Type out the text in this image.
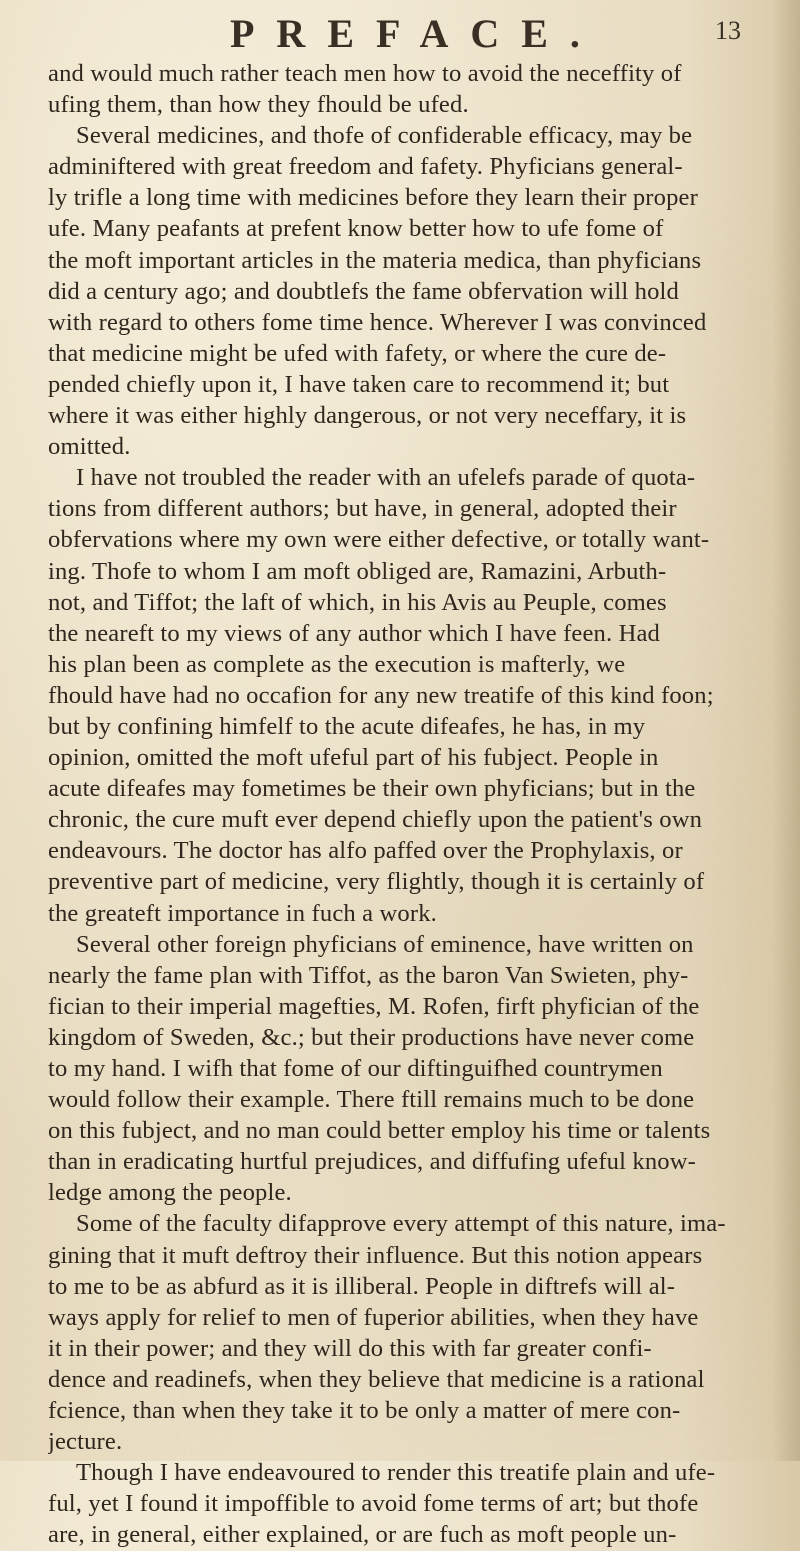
PREFACE.	13
and would much rather teach men how to avoid the neceffity of
ufing them, than how they fhould be ufed.
Several medicines, and thofe of confiderable efficacy, may be
adminiftered with great freedom and fafety. Phyficians general-
ly trifle a long time with medicines before they learn their proper
ufe. Many peafants at prefent know better how to ufe fome of
the moft important articles in the materia medica, than phyficians
did a century ago; and doubtlefs the fame obfervation will hold
with regard to others fome time hence. Wherever I was convinced
that medicine might be ufed with fafety, or where the cure de-
pended chiefly upon it, I have taken care to recommend it; but
where it was either highly dangerous, or not very neceffary, it is
omitted.
I have not troubled the reader with an ufelefs parade of quota-
tions from different authors; but have, in general, adopted their
obfervations where my own were either defective, or totally want-
ing. Thofe to whom I am moft obliged are, Ramazini, Arbuth-
not, and Tiffot; the laft of which, in his Avis au Peuple, comes
the neareft to my views of any author which I have feen. Had
his plan been as complete as the execution is mafterly, we
fhould have had no occafion for any new treatife of this kind foon;
but by confining himfelf to the acute difeafes, he has, in my
opinion, omitted the moft ufeful part of his fubject. People in
acute difeafes may fometimes be their own phyficians; but in the
chronic, the cure muft ever depend chiefly upon the patient's own
endeavours. The doctor has alfo paffed over the Prophylaxis, or
preventive part of medicine, very flightly, though it is certainly of
the greateft importance in fuch a work.
Several other foreign phyficians of eminence, have written on
nearly the fame plan with Tiffot, as the baron Van Swieten, phy-
fician to their imperial magefties, M. Rofen, firft phyfician of the
kingdom of Sweden, &c.; but their productions have never come
to my hand. I wifh that fome of our diftinguifhed countrymen
would follow their example. There ftill remains much to be done
on this fubject, and no man could better employ his time or talents
than in eradicating hurtful prejudices, and diffufing ufeful know-
ledge among the people.
Some of the faculty difapprove every attempt of this nature, ima-
gining that it muft deftroy their influence. But this notion appears
to me to be as abfurd as it is illiberal. People in diftrefs will al-
ways apply for relief to men of fuperior abilities, when they have
it in their power; and they will do this with far greater confi-
dence and readinefs, when they believe that medicine is a rational
fcience, than when they take it to be only a matter of mere con-
jecture.
Though I have endeavoured to render this treatife plain and ufe-
ful, yet I found it impoffible to avoid fome terms of art; but thofe
are, in general, either explained, or are fuch as moft people un-
